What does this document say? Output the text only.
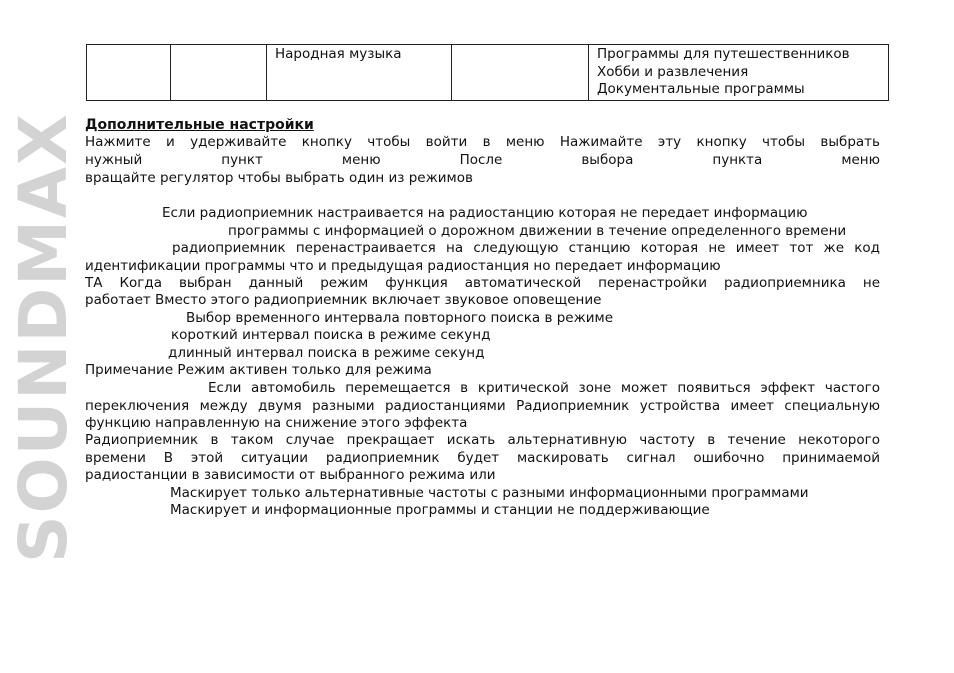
SOUNDMAX
		Народная музыка		Программы для путешественников
Хобби и развлечения
Документальные программы
Дополнительные настройки

Нажмите и удерживайте кнопку чтобы войти в меню Нажимайте эту кнопку чтобы выбрать

нужный пункт меню После выбора пункта меню

вращайте регулятор чтобы выбрать один из режимов

Если радиоприемник настраивается на радиостанцию которая не передает информацию

программы с информацией о дорожном движении в течение определенного времени

радиоприемник перенастраивается на следующую станцию которая не имеет тот же код

идентификации программы что и предыдущая радиостанция но передает информацию

ТА Когда выбран данный режим функция автоматической перенастройки радиоприемника не

работает Вместо этого радиоприемник включает звуковое оповещение

Выбор временного интервала повторного поиска в режиме

короткий интервал поиска в режиме секунд

длинный интервал поиска в режиме секунд

Примечание Режим активен только для режима

Если автомобиль перемещается в критической зоне может появиться эффект частого

переключения между двумя разными радиостанциями Радиоприемник устройства имеет специальную

функцию направленную на снижение этого эффекта

Радиоприемник в таком случае прекращает искать альтернативную частоту в течение некоторого

времени В этой ситуации радиоприемник будет маскировать сигнал ошибочно принимаемой

радиостанции в зависимости от выбранного режима или

Маскирует только альтернативные частоты с разными информационными программами

Маскирует и информационные программы и станции не поддерживающие
